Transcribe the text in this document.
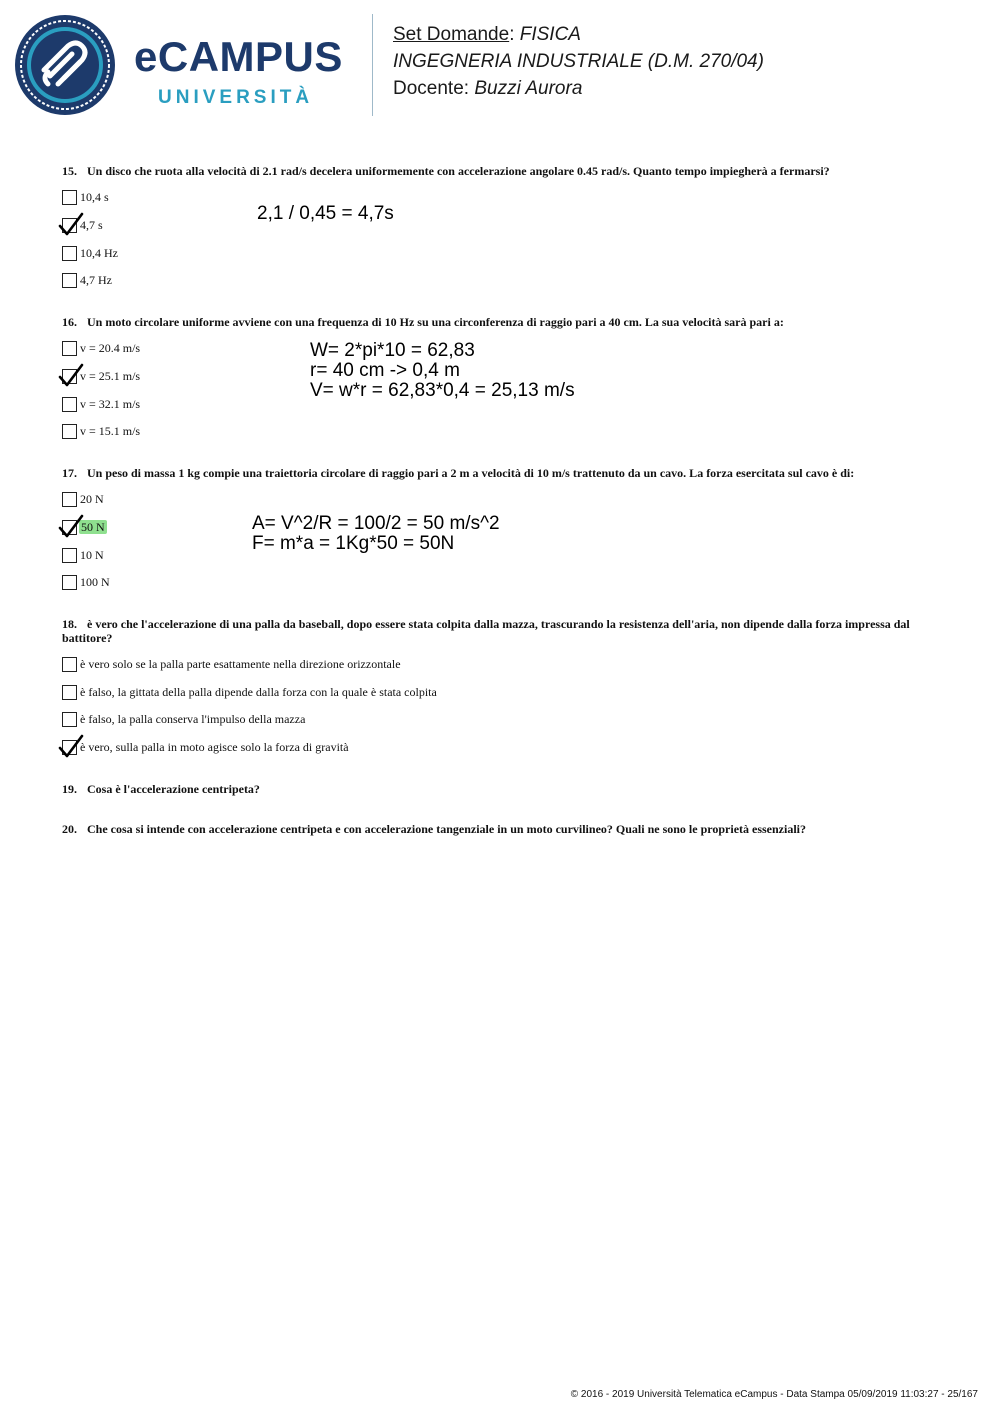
eCAMPUS
UNIVERSITÀ
Set Domande: FISICA
INGEGNERIA INDUSTRIALE (D.M. 270/04)
Docente: Buzzi Aurora
15. Un disco che ruota alla velocità di 2.1 rad/s decelera uniformemente con accelerazione angolare 0.45 rad/s. Quanto tempo impiegherà a fermarsi?
10,4 s
4,7 s
10,4 Hz
4,7 Hz
2,1 / 0,45 = 4,7s
16. Un moto circolare uniforme avviene con una frequenza di 10 Hz su una circonferenza di raggio pari a 40 cm. La sua velocità sarà pari a:
v = 20.4 m/s
v = 25.1 m/s
v = 32.1 m/s
v = 15.1 m/s
W= 2*pi*10 = 62,83
r= 40 cm -> 0,4 m
V= w*r = 62,83*0,4 = 25,13 m/s
17. Un peso di massa 1 kg compie una traiettoria circolare di raggio pari a 2 m a velocità di 10 m/s trattenuto da un cavo. La forza esercitata sul cavo è di:
20 N
50 N
10 N
100 N
A= V^2/R = 100/2 = 50 m/s^2
F= m*a = 1Kg*50 = 50N
18. è vero che l'accelerazione di una palla da baseball, dopo essere stata colpita dalla mazza, trascurando la resistenza dell'aria, non dipende dalla forza impressa dal battitore?
è vero solo se la palla parte esattamente nella direzione orizzontale
è falso, la gittata della palla dipende dalla forza con la quale è stata colpita
è falso, la palla conserva l'impulso della mazza
è vero, sulla palla in moto agisce solo la forza di gravità
19. Cosa è l'accelerazione centripeta?
20. Che cosa si intende con accelerazione centripeta e con accelerazione tangenziale in un moto curvilineo? Quali ne sono le proprietà essenziali?
© 2016 - 2019 Università Telematica eCampus - Data Stampa 05/09/2019 11:03:27 - 25/167
